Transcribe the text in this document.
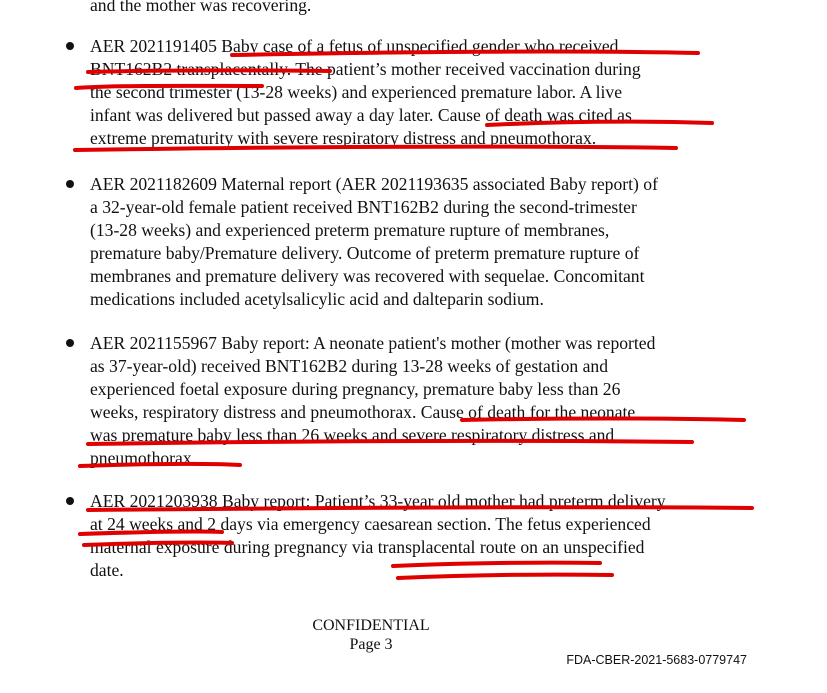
and the mother was recovering.
AER 2021191405 Baby case of a fetus of unspecified gender who received
BNT162B2 transplacentally. The patient’s mother received vaccination during
the second trimester (13-28 weeks) and experienced premature labor. A live
infant was delivered but passed away a day later. Cause of death was cited as
extreme prematurity with severe respiratory distress and pneumothorax.
AER 2021182609 Maternal report (AER 2021193635 associated Baby report) of
a 32-year-old female patient received BNT162B2 during the second-trimester
(13-28 weeks) and experienced preterm premature rupture of membranes,
premature baby/Premature delivery. Outcome of preterm premature rupture of
membranes and premature delivery was recovered with sequelae. Concomitant
medications included acetylsalicylic acid and dalteparin sodium.
AER 2021155967 Baby report: A neonate patient's mother (mother was reported
as 37-year-old) received BNT162B2 during 13-28 weeks of gestation and
experienced foetal exposure during pregnancy, premature baby less than 26
weeks, respiratory distress and pneumothorax. Cause of death for the neonate
was premature baby less than 26 weeks and severe respiratory distress and
pneumothorax.
AER 2021203938 Baby report: Patient’s 33-year old mother had preterm delivery
at 24 weeks and 2 days via emergency caesarean section. The fetus experienced
maternal exposure during pregnancy via transplacental route on an unspecified
date.
CONFIDENTIAL
Page 3
FDA-CBER-2021-5683-0779747
